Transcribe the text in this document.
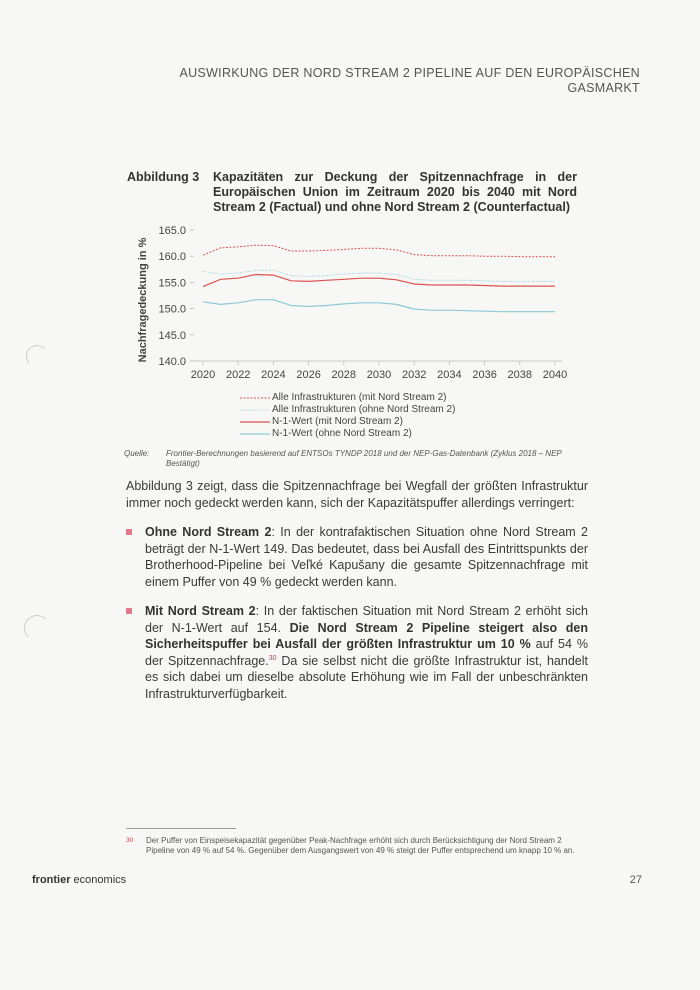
AUSWIRKUNG DER NORD STREAM 2 PIPELINE AUF DEN EUROPÄISCHEN
GASMARKT
Abbildung 3	Kapazitäten zur Deckung der Spitzennachfrage in der Europäischen Union im Zeitraum 2020 bis 2040 mit Nord Stream 2 (Factual) und ohne Nord Stream 2 (Counterfactual)
Nachfragedeckung in % 140.0
145.0
150.0
155.0
160.0
165.0
2020 2022 2024 2026 2028 2030 2032 2034 2036 2038 2040
Alle Infrastrukturen (mit Nord Stream 2)
Alle Infrastrukturen (ohne Nord Stream 2)
N-1-Wert (mit Nord Stream 2)
N-1-Wert (ohne Nord Stream 2)
Quelle:	Frontier-Berechnungen basierend auf ENTSOs TYNDP 2018 und der NEP-Gas-Datenbank (Zyklus 2018 – NEP Bestätigt)

Abbildung 3 zeigt, dass die Spitzennachfrage bei Wegfall der größten Infrastruktur immer noch gedeckt werden kann, sich der Kapazitätspuffer allerdings verringert:

Ohne Nord Stream 2: In der kontrafaktischen Situation ohne Nord Stream 2 beträgt der N-1-Wert 149. Das bedeutet, dass bei Ausfall des Eintrittspunkts der Brotherhood-Pipeline bei Veľké Kapušany die gesamte Spitzennachfrage mit einem Puffer von 49 % gedeckt werden kann.
Mit Nord Stream 2: In der faktischen Situation mit Nord Stream 2 erhöht sich der N-1-Wert auf 154. Die Nord Stream 2 Pipeline steigert also den Sicherheitspuffer bei Ausfall der größten Infrastruktur um 10 % auf 54 % der Spitzennachfrage.$^{30}$ Da sie selbst nicht die größte Infrastruktur ist, handelt es sich dabei um dieselbe absolute Erhöhung wie im Fall der unbeschränkten Infrastrukturverfügbarkeit.
30	Der Puffer von Einspeisekapazität gegenüber Peak-Nachfrage erhöht sich durch Berücksichtigung der Nord Stream 2 Pipeline von 49 % auf 54 %. Gegenüber dem Ausgangswert von 49 % steigt der Puffer entsprechend um knapp 10 % an.
frontier economics	27
